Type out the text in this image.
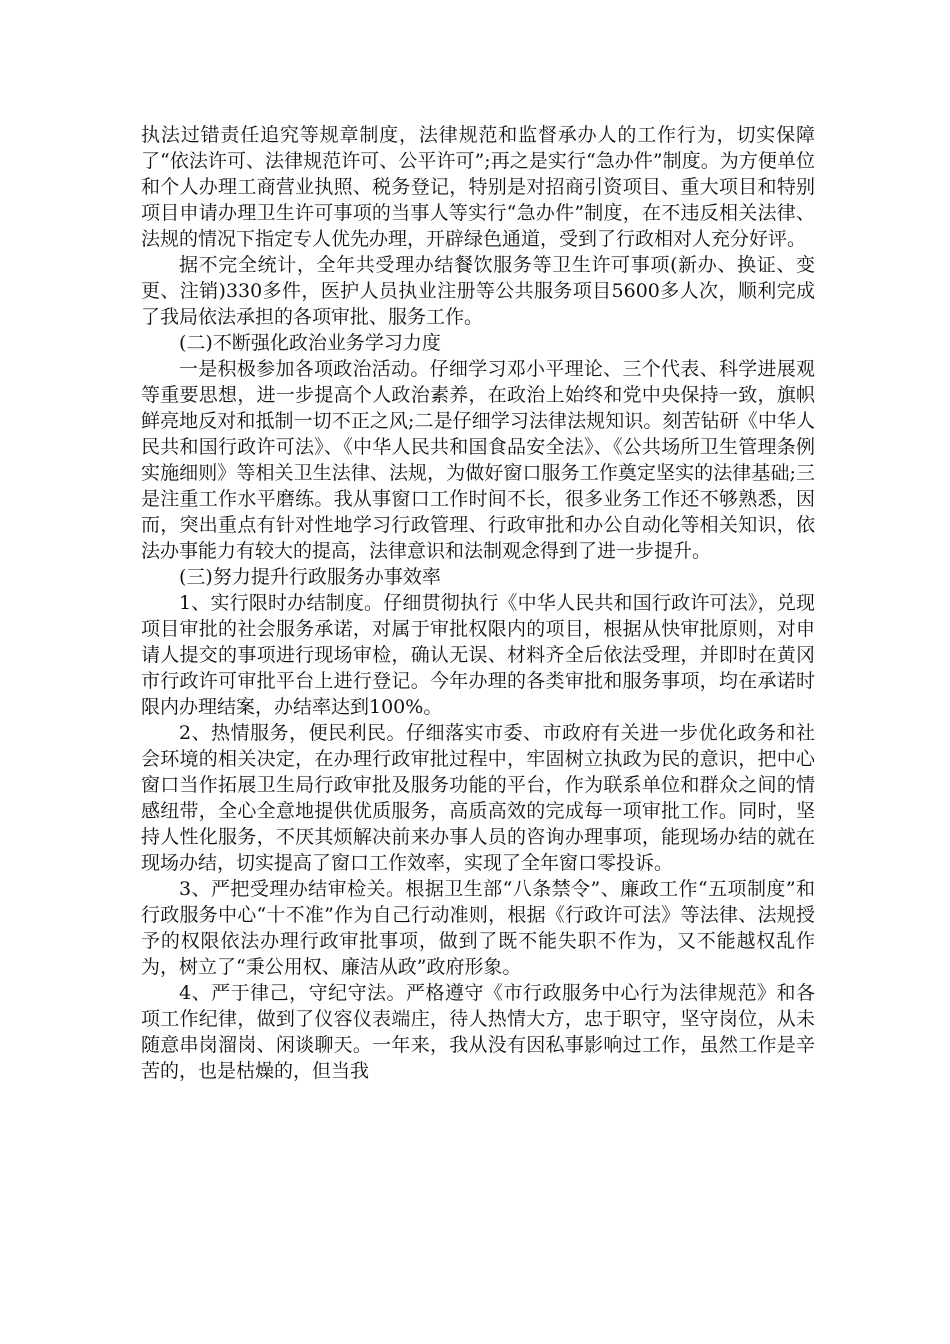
执法过错责任追究等规章制度，法律规范和监督承办人的工作行为，切实保障了“依法许可、法律规范许可、公平许可”;再之是实行“急办件”制度。为方便单位和个人办理工商营业执照、税务登记，特别是对招商引资项目、重大项目和特别项目申请办理卫生许可事项的当事人等实行“急办件”制度，在不违反相关法律、法规的情况下指定专人优先办理，开辟绿色通道，受到了行政相对人充分好评。

据不完全统计，全年共受理办结餐饮服务等卫生许可事项(新办、换证、变更、注销)330多件，医护人员执业注册等公共服务项目5600多人次，顺利完成了我局依法承担的各项审批、服务工作。

(二)不断强化政治业务学习力度

一是积极参加各项政治活动。仔细学习邓小平理论、三个代表、科学进展观等重要思想，进一步提高个人政治素养，在政治上始终和党中央保持一致，旗帜鲜亮地反对和抵制一切不正之风;二是仔细学习法律法规知识。刻苦钻研《中华人民共和国行政许可法》、《中华人民共和国食品安全法》、《公共场所卫生管理条例实施细则》等相关卫生法律、法规，为做好窗口服务工作奠定坚实的法律基础;三是注重工作水平磨练。我从事窗口工作时间不长，很多业务工作还不够熟悉，因而，突出重点有针对性地学习行政管理、行政审批和办公自动化等相关知识，依法办事能力有较大的提高，法律意识和法制观念得到了进一步提升。

(三)努力提升行政服务办事效率

1、实行限时办结制度。仔细贯彻执行《中华人民共和国行政许可法》，兑现项目审批的社会服务承诺，对属于审批权限内的项目，根据从快审批原则，对申请人提交的事项进行现场审检，确认无误、材料齐全后依法受理，并即时在黄冈市行政许可审批平台上进行登记。今年办理的各类审批和服务事项，均在承诺时限内办理结案，办结率达到100%。

2、热情服务，便民利民。仔细落实市委、市政府有关进一步优化政务和社会环境的相关决定，在办理行政审批过程中，牢固树立执政为民的意识，把中心窗口当作拓展卫生局行政审批及服务功能的平台，作为联系单位和群众之间的情感纽带，全心全意地提供优质服务，高质高效的完成每一项审批工作。同时，坚持人性化服务，不厌其烦解决前来办事人员的咨询办理事项，能现场办结的就在现场办结，切实提高了窗口工作效率，实现了全年窗口零投诉。

3、严把受理办结审检关。根据卫生部“八条禁令”、廉政工作“五项制度”和行政服务中心“十不准”作为自己行动准则，根据《行政许可法》等法律、法规授予的权限依法办理行政审批事项，做到了既不能失职不作为，又不能越权乱作为，树立了“秉公用权、廉洁从政”政府形象。

4、严于律己，守纪守法。严格遵守《市行政服务中心行为法律规范》和各项工作纪律，做到了仪容仪表端庄，待人热情大方，忠于职守，坚守岗位，从未随意串岗溜岗、闲谈聊天。一年来，我从没有因私事影响过工作，虽然工作是辛苦的，也是枯燥的，但当我
